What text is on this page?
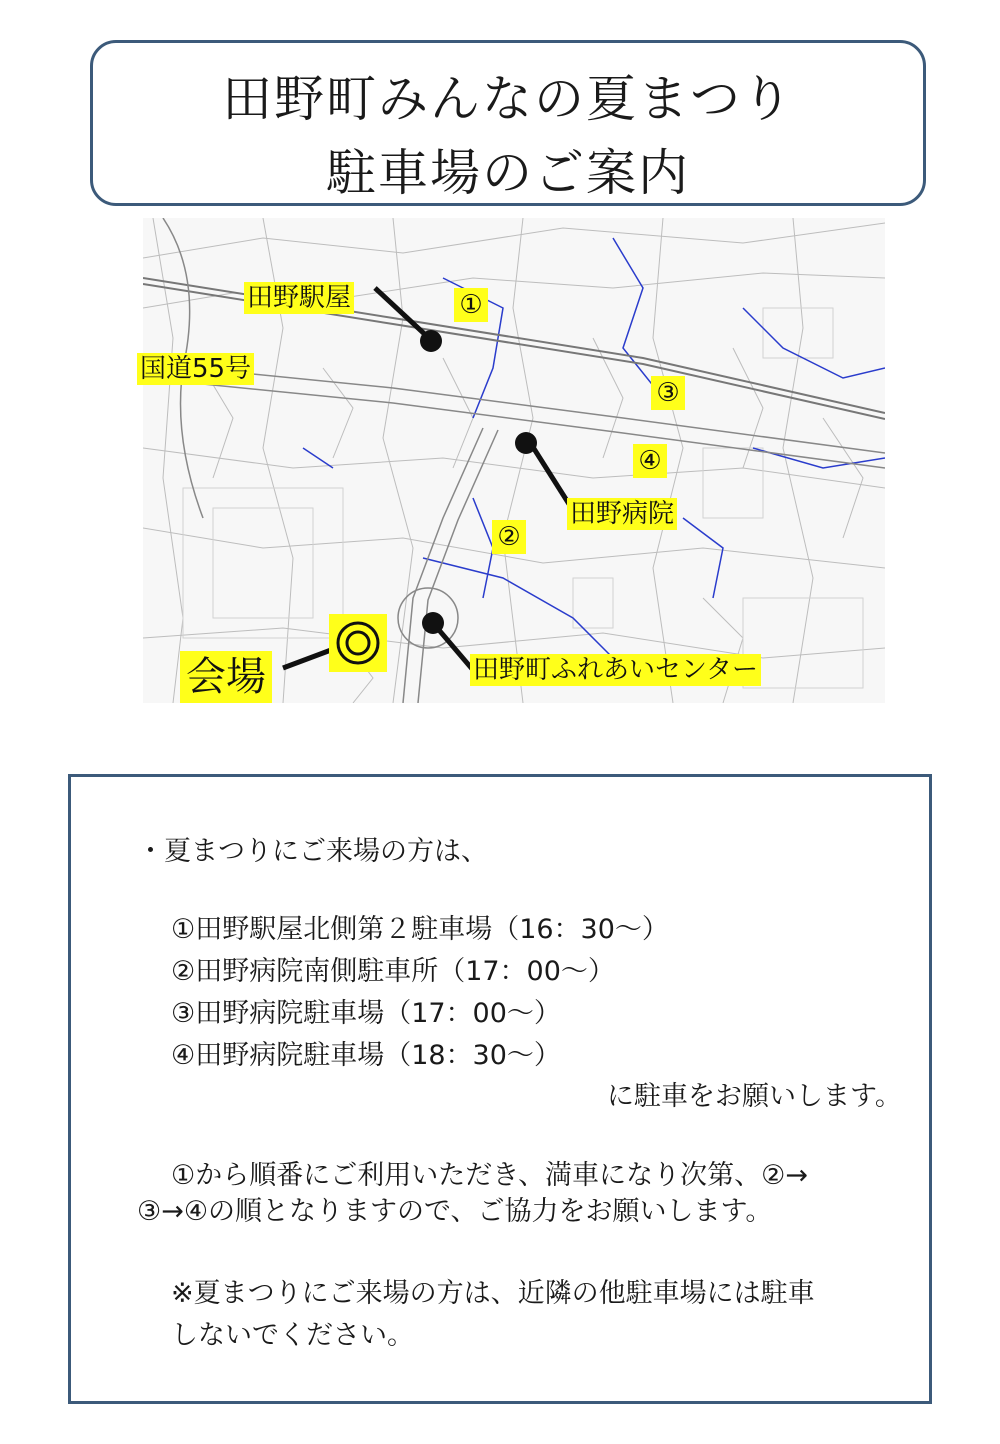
田野町みんなの夏まつり
駐車場のご案内
田野駅屋
国道55号
田野病院
田野町ふれあいセンター
①
②
③
④
会場
・夏まつりにご来場の方は、
①田野駅屋北側第２駐車場（16：30～）
②田野病院南側駐車所（17：00～）
③田野病院駐車場（17：00～）
④田野病院駐車場（18：30～）
に駐車をお願いします。
①から順番にご利用いただき、満車になり次第、②→
③→④の順となりますので、ご協力をお願いします。
※夏まつりにご来場の方は、近隣の他駐車場には駐車
しないでください。
